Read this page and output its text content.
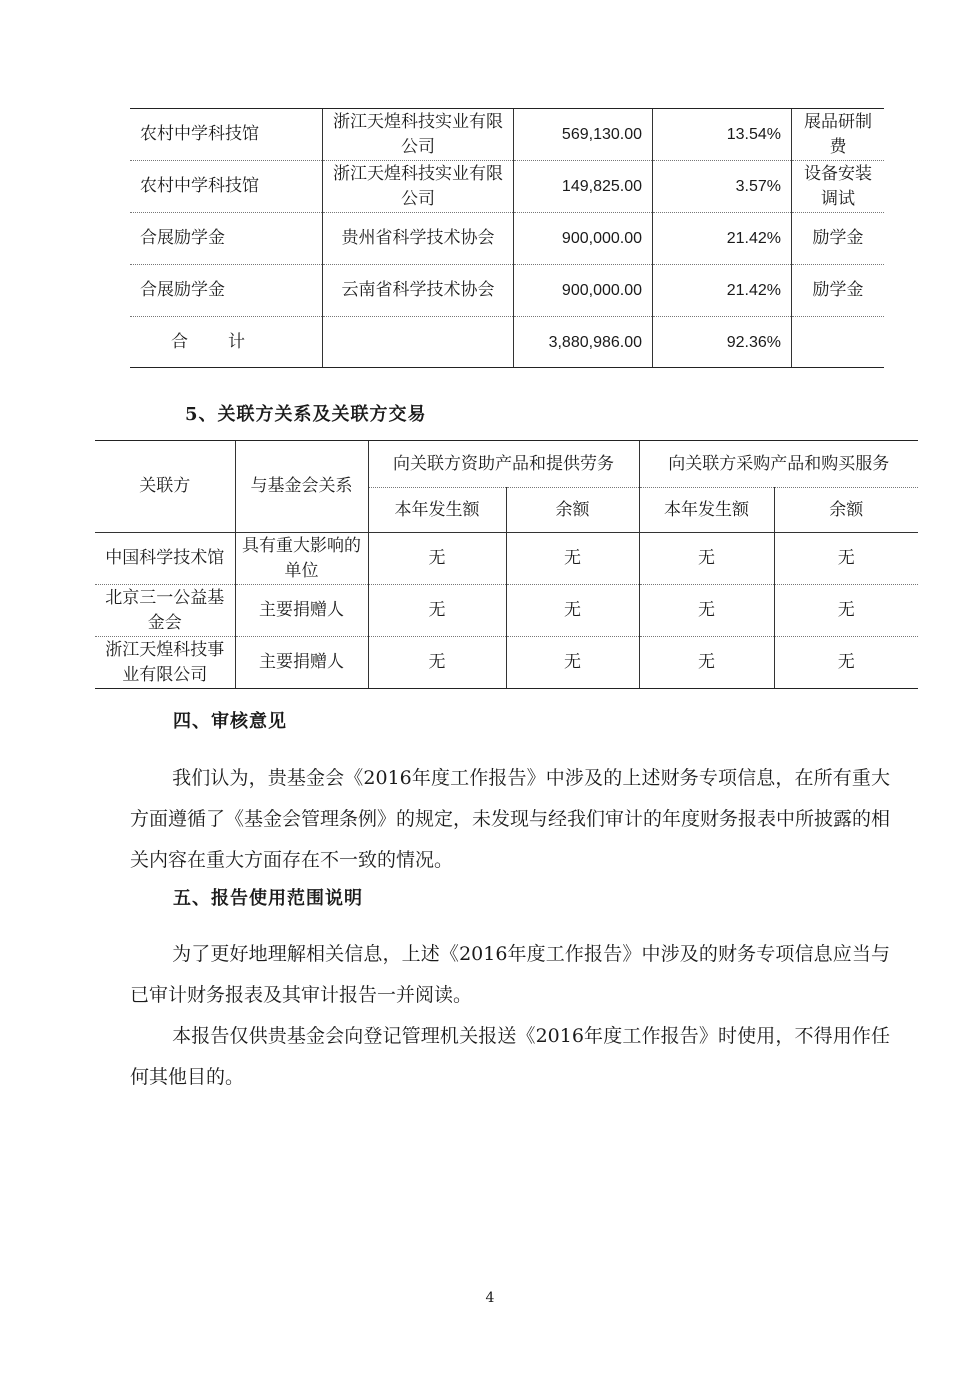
农村中学科技馆	浙江天煌科技实业有限公司	569,130.00	13.54%	展品研制费
农村中学科技馆	浙江天煌科技实业有限公司	149,825.00	3.57%	设备安装调试
合展励学金	贵州省科学技术协会	900,000.00	21.42%	励学金
合展励学金	云南省科学技术协会	900,000.00	21.42%	励学金
合计		3,880,986.00	92.36%	
5、关联方关系及关联方交易
关联方	与基金会关系	向关联方资助产品和提供劳务		向关联方采购产品和购买服务	
		本年发生额	余额	本年发生额	余额
中国科学技术馆	具有重大影响的单位	无	无	无	无
北京三一公益基金会	主要捐赠人	无	无	无	无
浙江天煌科技事业有限公司	主要捐赠人	无	无	无	无
四、审核意见
我们认为，贵基金会《2016年度工作报告》中涉及的上述财务专项信息，在所有重大方面遵循了《基金会管理条例》的规定，未发现与经我们审计的年度财务报表中所披露的相关内容在重大方面存在不一致的情况。
五、报告使用范围说明
为了更好地理解相关信息，上述《2016年度工作报告》中涉及的财务专项信息应当与已审计财务报表及其审计报告一并阅读。
本报告仅供贵基金会向登记管理机关报送《2016年度工作报告》时使用，不得用作任何其他目的。
4
